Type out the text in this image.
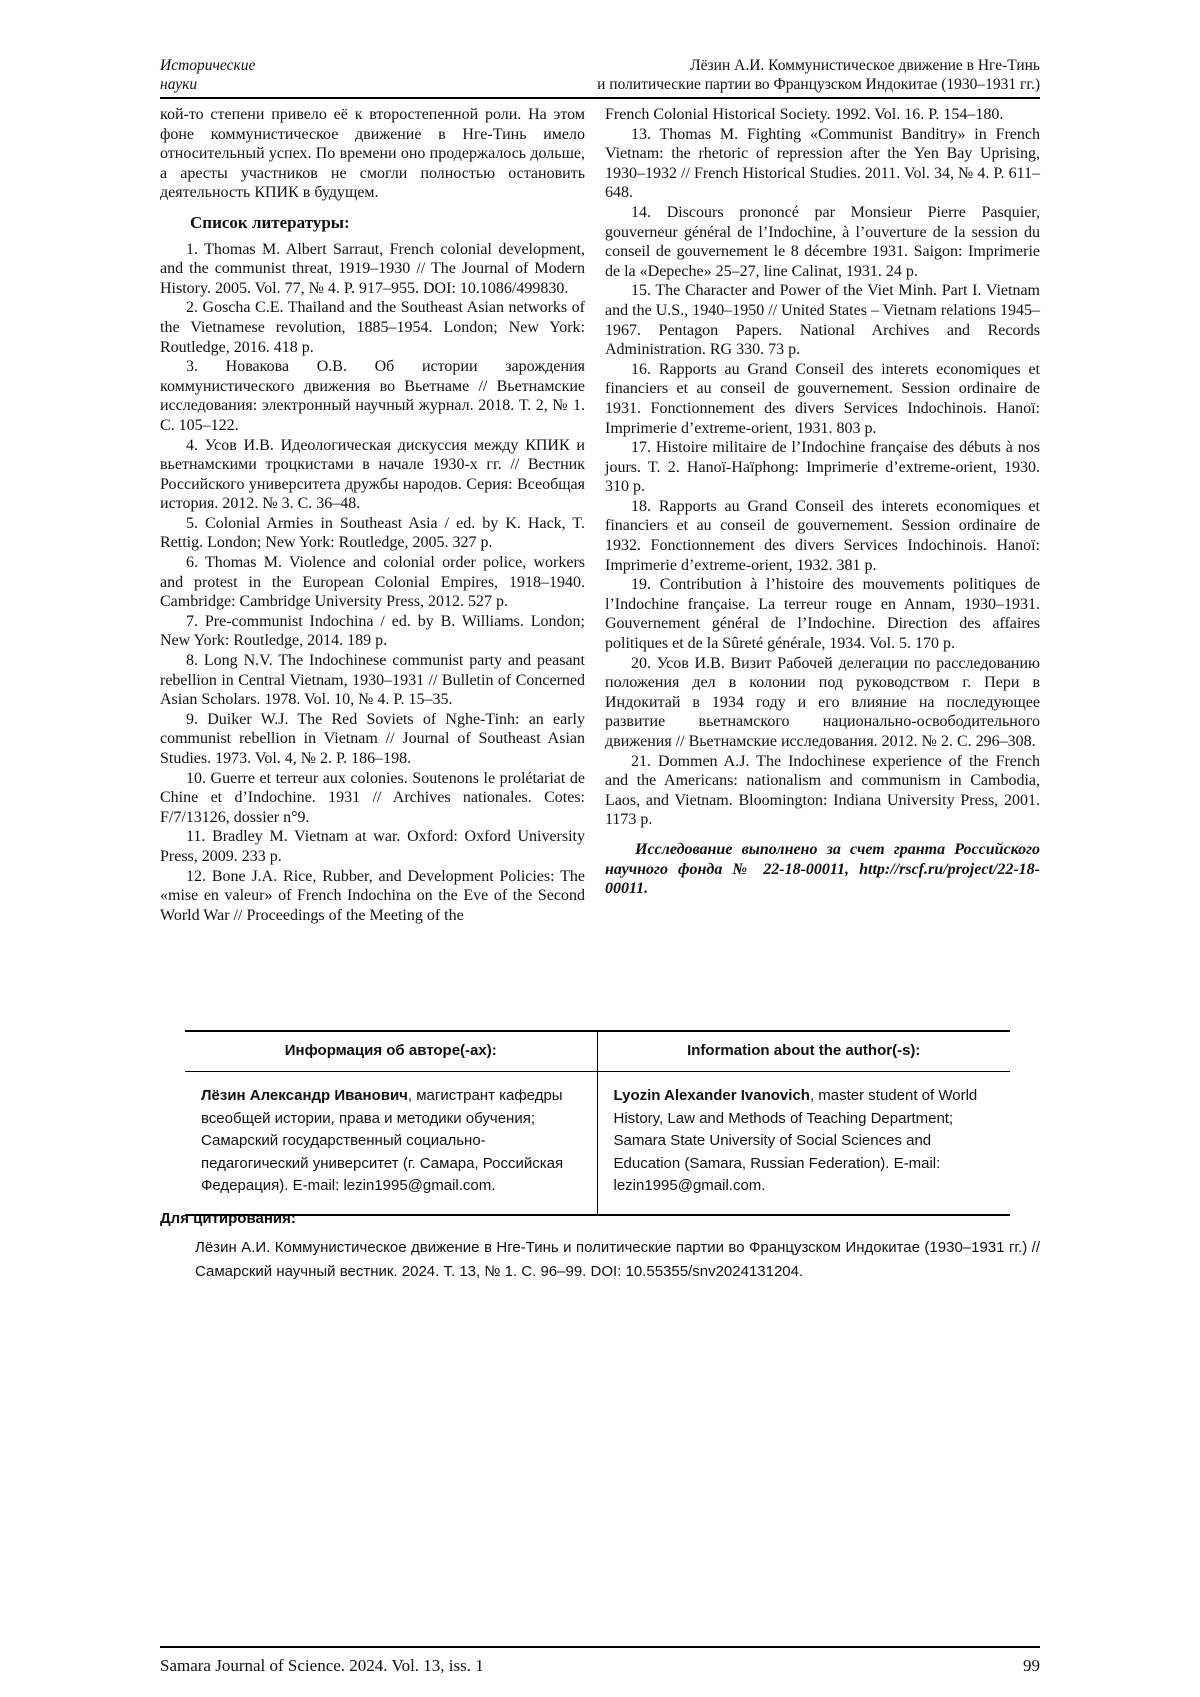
Исторические
науки
Лёзин А.И. Коммунистическое движение в Нге-Тинь
и политические партии во Французском Индокитае (1930–1931 гг.)

кой-то степени привело её к второстепенной роли. На этом фоне коммунистическое движение в Нге-Тинь имело относительный успех. По времени оно продержалось дольше, а аресты участников не смогли полностью остановить деятельность КПИК в будущем.

Список литературы:

1. Thomas M. Albert Sarraut, French colonial development, and the communist threat, 1919–1930 // The Journal of Modern History. 2005. Vol. 77, № 4. P. 917–955. DOI: 10.1086/499830.

2. Goscha C.E. Thailand and the Southeast Asian networks of the Vietnamese revolution, 1885–1954. London; New York: Routledge, 2016. 418 p.

3. Новакова О.В. Об истории зарождения коммунистического движения во Вьетнаме // Вьетнамские исследования: электронный научный журнал. 2018. Т. 2, № 1. С. 105–122.

4. Усов И.В. Идеологическая дискуссия между КПИК и вьетнамскими троцкистами в начале 1930-х гг. // Вестник Российского университета дружбы народов. Серия: Всеобщая история. 2012. № 3. С. 36–48.

5. Colonial Armies in Southeast Asia / ed. by K. Hack, T. Rettig. London; New York: Routledge, 2005. 327 p.

6. Thomas M. Violence and colonial order police, workers and protest in the European Colonial Empires, 1918–1940. Cambridge: Cambridge University Press, 2012. 527 p.

7. Pre-communist Indochina / ed. by B. Williams. London; New York: Routledge, 2014. 189 p.

8. Long N.V. The Indochinese communist party and peasant rebellion in Central Vietnam, 1930–1931 // Bulletin of Concerned Asian Scholars. 1978. Vol. 10, № 4. P. 15–35.

9. Duiker W.J. The Red Soviets of Nghe-Tinh: an early communist rebellion in Vietnam // Journal of Southeast Asian Studies. 1973. Vol. 4, № 2. P. 186–198.

10. Guerre et terreur aux colonies. Soutenons le prolétariat de Chine et d’Indochine. 1931 // Archives nationales. Cotes: F/7/13126, dossier n°9.

11. Bradley M. Vietnam at war. Oxford: Oxford University Press, 2009. 233 p.

12. Bone J.A. Rice, Rubber, and Development Policies: The «mise en valeur» of French Indochina on the Eve of the Second World War // Proceedings of the Meeting of the

French Colonial Historical Society. 1992. Vol. 16. P. 154–180.

13. Thomas M. Fighting «Communist Banditry» in French Vietnam: the rhetoric of repression after the Yen Bay Uprising, 1930–1932 // French Historical Studies. 2011. Vol. 34, № 4. P. 611–648.

14. Discours prononcé par Monsieur Pierre Pasquier, gouverneur général de l’Indochine, à l’ouverture de la session du conseil de gouvernement le 8 décembre 1931. Saigon: Imprimerie de la «Depeche» 25–27, line Calinat, 1931. 24 p.

15. The Character and Power of the Viet Minh. Part I. Vietnam and the U.S., 1940–1950 // United States – Vietnam relations 1945–1967. Pentagon Papers. National Archives and Records Administration. RG 330. 73 p.

16. Rapports au Grand Conseil des interets economiques et financiers et au conseil de gouvernement. Session ordinaire de 1931. Fonctionnement des divers Services Indochinois. Hanoï: Imprimerie d’extreme-orient, 1931. 803 p.

17. Histoire militaire de l’Indochine française des débuts à nos jours. T. 2. Hanoï-Haïphong: Imprimerie d’extreme-orient, 1930. 310 p.

18. Rapports au Grand Conseil des interets economiques et financiers et au conseil de gouvernement. Session ordinaire de 1932. Fonctionnement des divers Services Indochinois. Hanoï: Imprimerie d’extreme-orient, 1932. 381 p.

19. Contribution à l’histoire des mouvements politiques de l’Indochine française. La terreur rouge en Annam, 1930–1931. Gouvernement général de l’Indochine. Direction des affaires politiques et de la Sûreté générale, 1934. Vol. 5. 170 p.

20. Усов И.В. Визит Рабочей делегации по расследованию положения дел в колонии под руководством г. Пери в Индокитай в 1934 году и его влияние на последующее развитие вьетнамского национально-освободительного движения // Вьетнамские исследования. 2012. № 2. С. 296–308.

21. Dommen A.J. The Indochinese experience of the French and the Americans: nationalism and communism in Cambodia, Laos, and Vietnam. Bloomington: Indiana University Press, 2001. 1173 p.

Исследование выполнено за счет гранта Российского научного фонда № 22-18-00011, http://rscf.ru/project/22-18-00011.

Информация об авторе(-ах):	Information about the author(-s):
Лёзин Александр Иванович, магистрант кафедры всеобщей истории, права и методики обучения; Самарский государственный социально-педагогический университет (г. Самара, Российская Федерация). E-mail: lezin1995@gmail.com.
Lyozin Alexander Ivanovich, master student of World History, Law and Methods of Teaching Department; Samara State University of Social Sciences and Education (Samara, Russian Federation). E-mail: lezin1995@gmail.com.
Для цитирования:

Лёзин А.И. Коммунистическое движение в Нге-Тинь и политические партии во Французском Индокитае (1930–1931 гг.) // Самарский научный вестник. 2024. Т. 13, № 1. С. 96–99. DOI: 10.55355/snv2024131204.

Samara Journal of Science. 2024. Vol. 13, iss. 1	99
